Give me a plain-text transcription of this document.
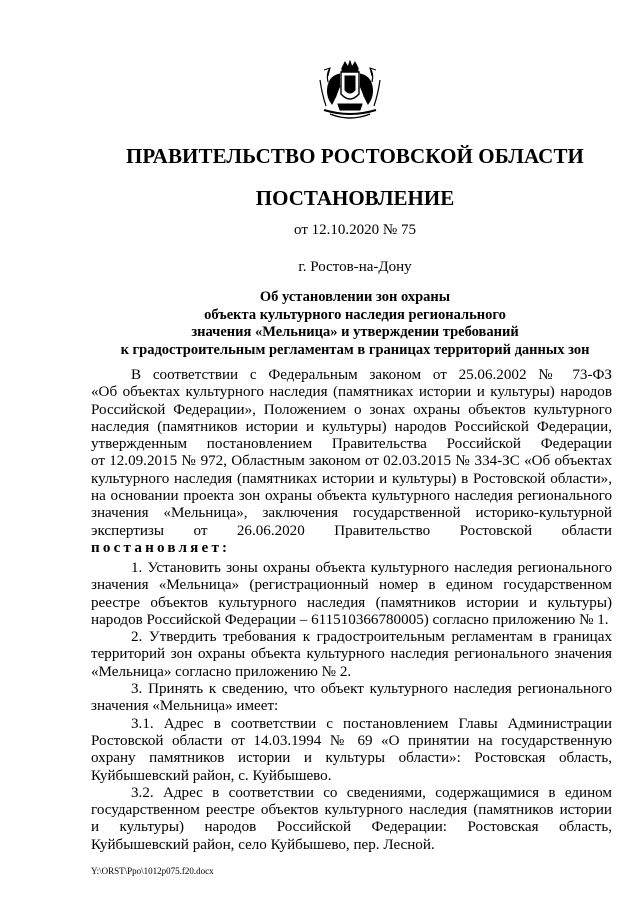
ПРАВИТЕЛЬСТВО РОСТОВСКОЙ ОБЛАСТИ
ПОСТАНОВЛЕНИЕ
от 12.10.2020 № 75
г. Ростов-на-Дону
Об установлении зон охраны
объекта культурного наследия регионального
значения «Мельница» и утверждении требований
к градостроительным регламентам в границах территорий данных зон
В соответствии с Федеральным законом от 25.06.2002 № 73-ФЗ
«Об объектах культурного наследия (памятниках истории и культуры) народов
Российской Федерации», Положением о зонах охраны объектов культурного
наследия (памятников истории и культуры) народов Российской Федерации,
утвержденным постановлением Правительства Российской Федерации
от 12.09.2015 № 972, Областным законом от 02.03.2015 № 334-ЗС «Об объектах
культурного наследия (памятниках истории и культуры) в Ростовской области»,
на основании проекта зон охраны объекта культурного наследия регионального
значения «Мельница», заключения государственной историко-культурной
экспертизы от 26.06.2020 Правительство Ростовской области
постановляет:
1. Установить зоны охраны объекта культурного наследия регионального
значения «Мельница» (регистрационный номер в едином государственном
реестре объектов культурного наследия (памятников истории и культуры)
народов Российской Федерации – 611510366780005) согласно приложению № 1.
2. Утвердить требования к градостроительным регламентам в границах
территорий зон охраны объекта культурного наследия регионального значения
«Мельница» согласно приложению № 2.
3. Принять к сведению, что объект культурного наследия регионального
значения «Мельница» имеет:
3.1. Адрес в соответствии с постановлением Главы Администрации
Ростовской области от 14.03.1994 № 69 «О принятии на государственную
охрану памятников истории и культуры области»: Ростовская область,
Куйбышевский район, с. Куйбышево.
3.2. Адрес в соответствии со сведениями, содержащимися в едином
государственном реестре объектов культурного наследия (памятников истории
и культуры) народов Российской Федерации: Ростовская область,
Куйбышевский район, село Куйбышево, пер. Лесной.
Y:\ORST\Ppo\1012p075.f20.docx
